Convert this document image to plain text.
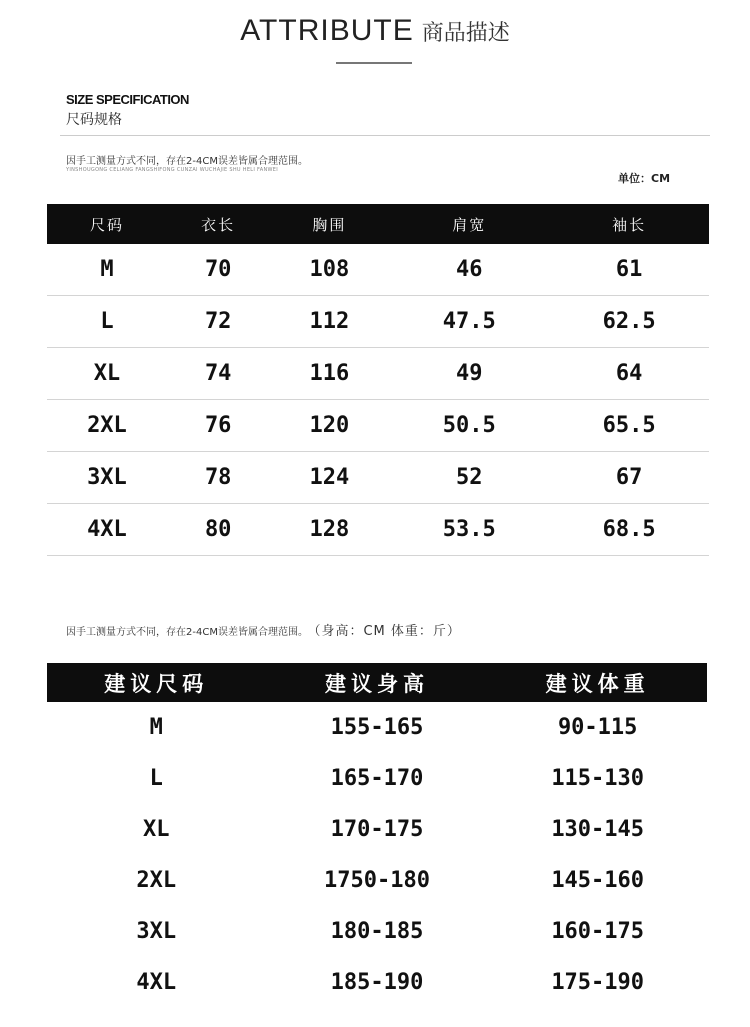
ATTRIBUTE 商品描述
SIZE SPECIFICATION
尺码规格
因手工测量方式不同，存在2-4CM误差皆属合理范围。
YINSHOUGONG CELIANG FANGSHIFONG CUNZAI WUCHAJIE SHU HELI FANWEI
单位：CM
尺码	衣长	胸围	肩宽	袖长
M	70	108	46	61
L	72	112	47.5	62.5
XL	74	116	49	64
2XL	76	120	50.5	65.5
3XL	78	124	52	67
4XL	80	128	53.5	68.5
因手工测量方式不同，存在2-4CM误差皆属合理范围。 （身高：CM 体重：斤）
建议尺码	建议身高	建议体重
M	155-165	90-115
L	165-170	115-130
XL	170-175	130-145
2XL	1750-180	145-160
3XL	180-185	160-175
4XL	185-190	175-190
